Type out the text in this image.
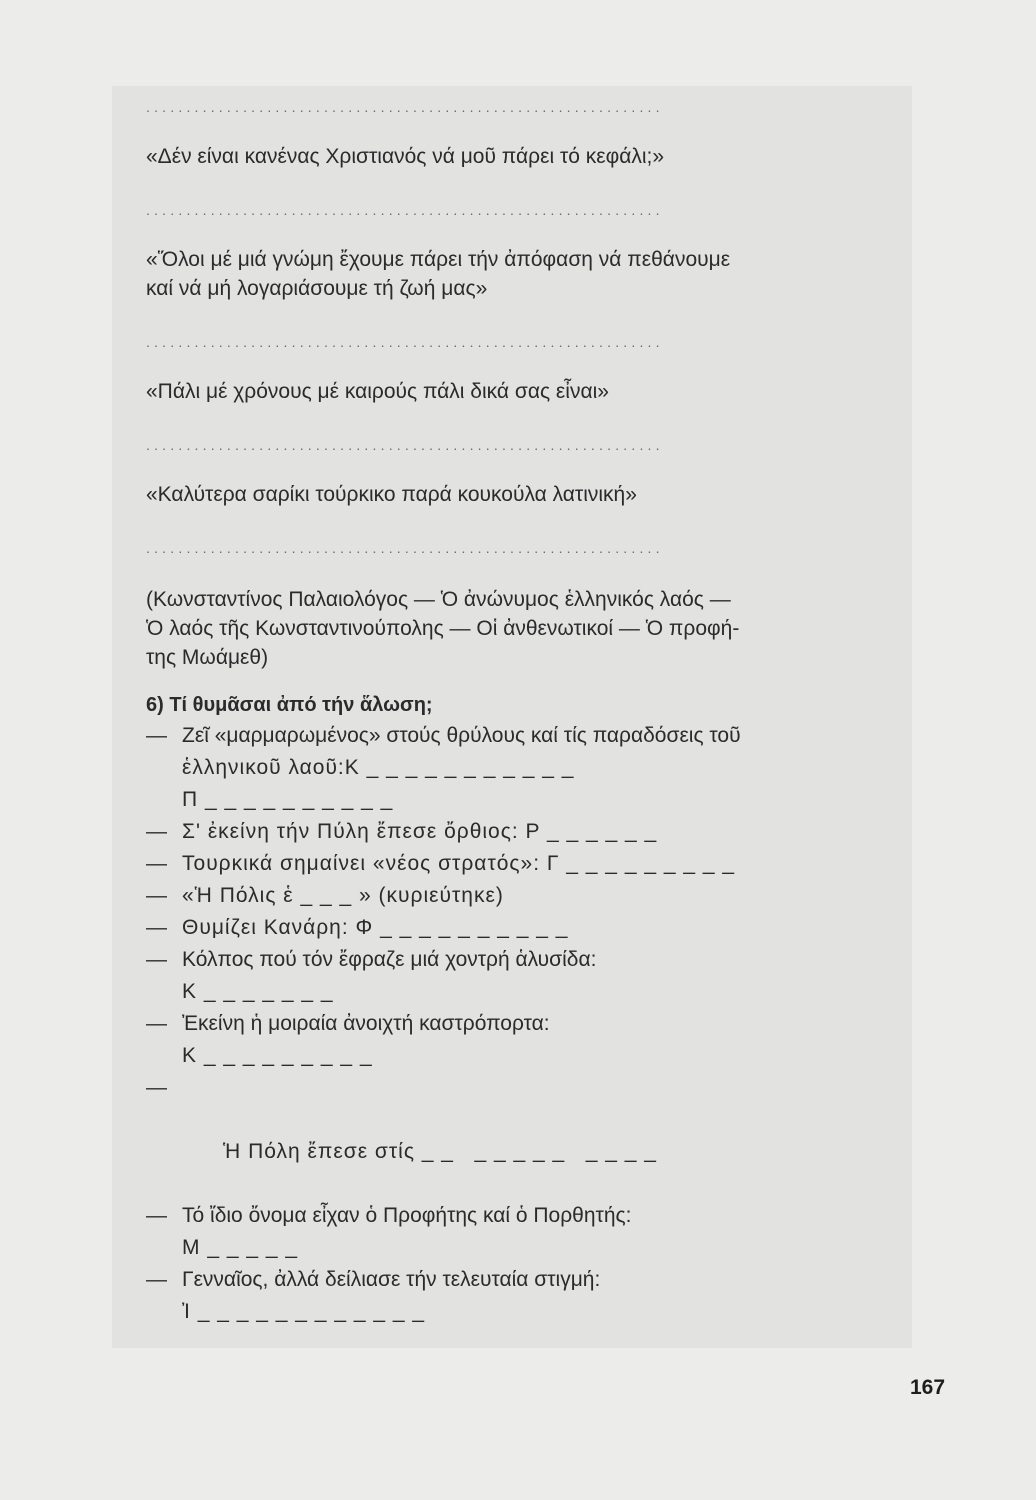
................................................................
«Δέν είναι κανένας Χριστιανός νά μοῦ πάρει τό κεφάλι;»
................................................................
«Ὅλοι μέ μιά γνώμη ἔχουμε πάρει τήν ἀπόφαση νά πεθάνουμε
καί νά μή λογαριάσουμε τή ζωή μας»
................................................................
«Πάλι μέ χρόνους μέ καιρούς πάλι δικά σας εἶναι»
................................................................
«Καλύτερα σαρίκι τούρκικο παρά κουκούλα λατινική»
................................................................
(Κωνσταντίνος Παλαιολόγος — Ὁ ἀνώνυμος ἑλληνικός λαός —
Ὁ λαός τῆς Κωνσταντινούπολης — Οἱ ἀνθενωτικοί — Ὁ προφή-
της Μωάμεθ)
6) Τί θυμᾶσαι ἀπό τήν ἅλωση;
— Ζεῖ «μαρμαρωμένος» στούς θρύλους καί τίς παραδόσεις τοῦ
ἑλληνικοῦ λαοῦ:Κ _ _ _ _ _ _ _ _ _ _ _
Π _ _ _ _ _ _ _ _ _ _
— Σ' ἐκείνη τήν Πύλη ἔπεσε ὄρθιος: Ρ _ _ _ _ _ _
— Τουρκικά σημαίνει «νέος στρατός»: Γ _ _ _ _ _ _ _ _ _
— «Ἡ Πόλις ἑ _ _ _ » (κυριεύτηκε)
— Θυμίζει Κανάρη: Φ _ _ _ _ _ _ _ _ _ _
— Κόλπος πού τόν ἔφραζε μιά χοντρή ἁλυσίδα:
Κ _ _ _ _ _ _ _
— Ἐκείνη ἡ μοιραία ἀνοιχτή καστρόπορτα:
Κ _ _ _ _ _ _ _ _ _

—

Ἡ Πόλη ἔπεσε στίς _ _   _ _ _ _ _   _ _ _ _

— Τό ἴδιο ὄνομα εἶχαν ὁ Προφήτης καί ὁ Πορθητής:
Μ _ _ _ _ _
— Γενναῖος, ἀλλά δείλιασε τήν τελευταία στιγμή:
Ἰ _ _ _ _ _ _ _ _ _ _ _ _
167
